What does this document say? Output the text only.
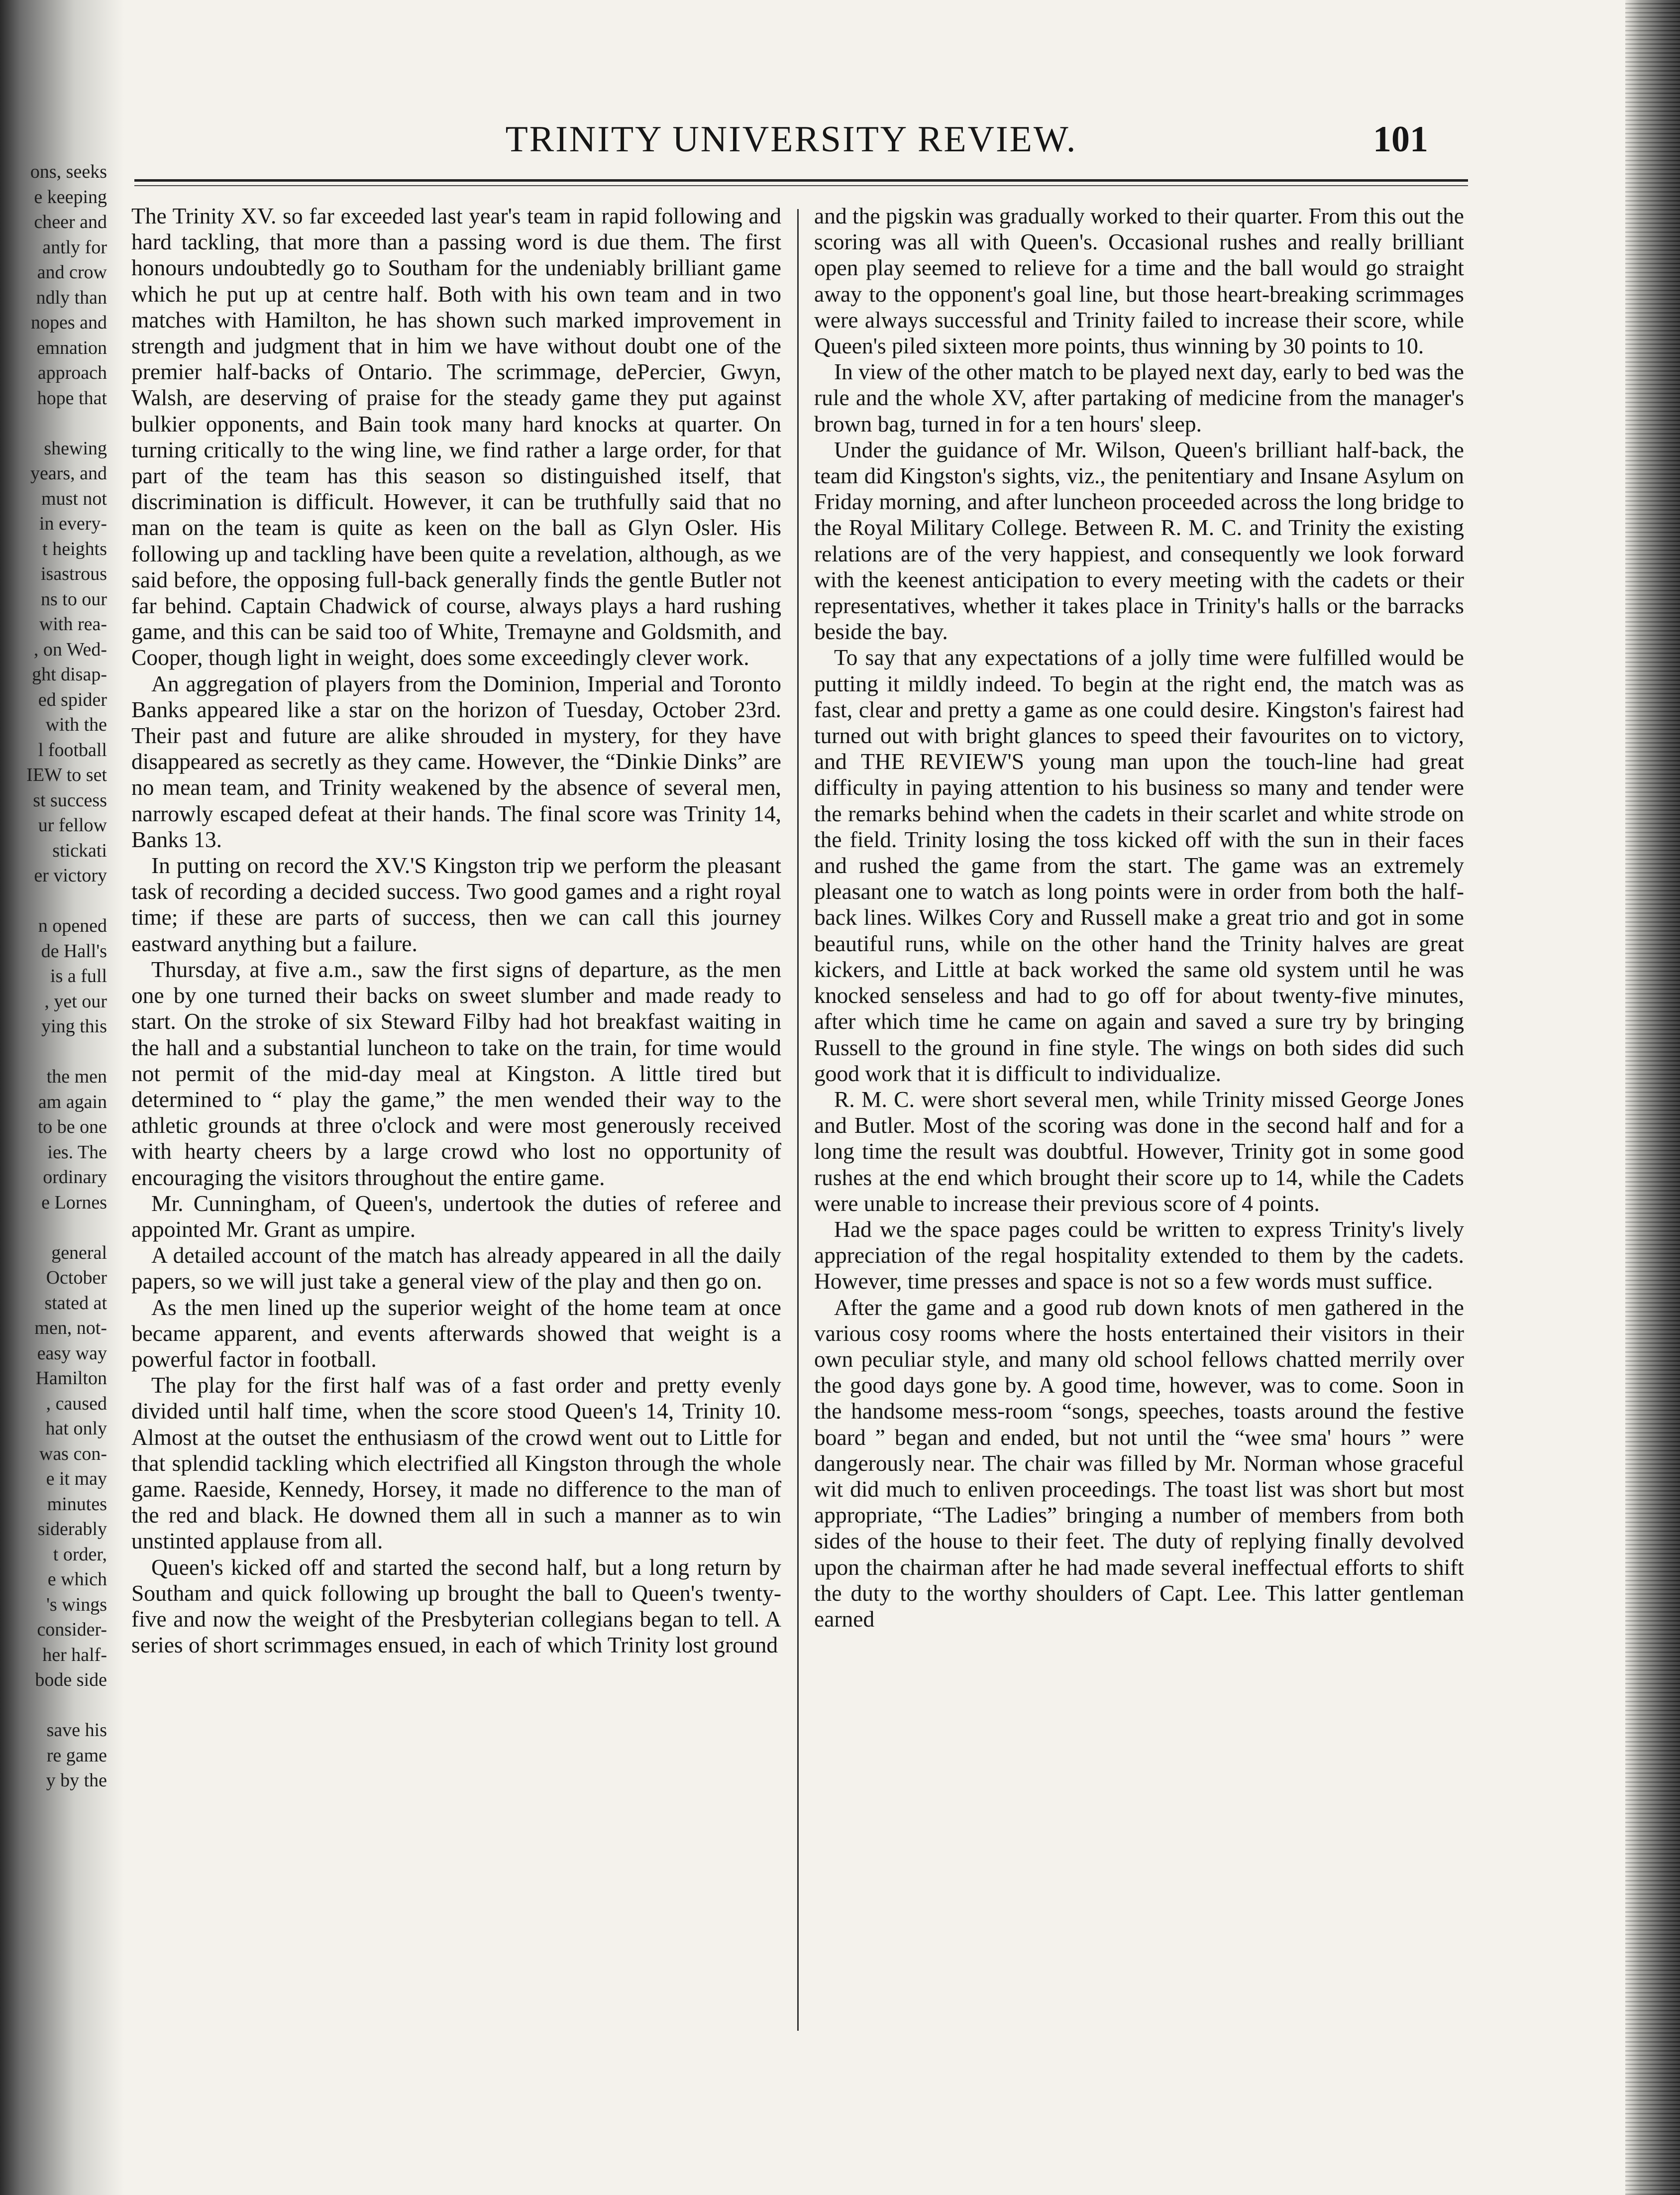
ons, seeks
e keeping
cheer and
antly for
and crow
ndly than
nopes and
emnation
approach
hope that
shewing
years, and
must not
in every-
t heights
isastrous
ns to our
with rea-
, on Wed-
ght disap-
ed spider
with the
l football
IEW to set
st success
ur fellow
stickati
er victory
n opened
de Hall's
is a full
, yet our
ying this
the men
am again
to be one
ies. The
ordinary
e Lornes
general
October
stated at
men, not-
easy way
Hamilton
, caused
hat only
was con-
e it may
minutes
siderably
t order,
e which
's wings
consider-
her half-
bode side
save his
re game
y by the
TRINITY UNIVERSITY REVIEW.	101

The Trinity XV. so far exceeded last year's team in rapid following and hard tackling, that more than a passing word is due them. The first honours undoubtedly go to Southam for the undeniably brilliant game which he put up at centre half. Both with his own team and in two matches with Hamilton, he has shown such marked improvement in strength and judgment that in him we have without doubt one of the premier half-backs of Ontario. The scrimmage, dePercier, Gwyn, Walsh, are deserving of praise for the steady game they put against bulkier opponents, and Bain took many hard knocks at quarter. On turning critically to the wing line, we find rather a large order, for that part of the team has this season so distinguished itself, that discrimination is difficult. However, it can be truthfully said that no man on the team is quite as keen on the ball as Glyn Osler. His following up and tackling have been quite a revelation, although, as we said before, the opposing full-back generally finds the gentle Butler not far behind. Captain Chadwick of course, always plays a hard rushing game, and this can be said too of White, Tremayne and Goldsmith, and Cooper, though light in weight, does some exceedingly clever work.

An aggregation of players from the Dominion, Imperial and Toronto Banks appeared like a star on the horizon of Tuesday, October 23rd. Their past and future are alike shrouded in mystery, for they have disappeared as secretly as they came. However, the “Dinkie Dinks” are no mean team, and Trinity weakened by the absence of several men, narrowly escaped defeat at their hands. The final score was Trinity 14, Banks 13.

In putting on record the XV.'S Kingston trip we perform the pleasant task of recording a decided success. Two good games and a right royal time; if these are parts of success, then we can call this journey eastward anything but a failure.

Thursday, at five a.m., saw the first signs of departure, as the men one by one turned their backs on sweet slumber and made ready to start. On the stroke of six Steward Filby had hot breakfast waiting in the hall and a substantial luncheon to take on the train, for time would not permit of the mid-day meal at Kingston. A little tired but determined to “ play the game,” the men wended their way to the athletic grounds at three o'clock and were most generously received with hearty cheers by a large crowd who lost no opportunity of encouraging the visitors throughout the entire game.

Mr. Cunningham, of Queen's, undertook the duties of referee and appointed Mr. Grant as umpire.

A detailed account of the match has already appeared in all the daily papers, so we will just take a general view of the play and then go on.

As the men lined up the superior weight of the home team at once became apparent, and events afterwards showed that weight is a powerful factor in football.

The play for the first half was of a fast order and pretty evenly divided until half time, when the score stood Queen's 14, Trinity 10. Almost at the outset the enthusiasm of the crowd went out to Little for that splendid tackling which electrified all Kingston through the whole game. Raeside, Kennedy, Horsey, it made no difference to the man of the red and black. He downed them all in such a manner as to win unstinted applause from all.

Queen's kicked off and started the second half, but a long return by Southam and quick following up brought the ball to Queen's twenty-five and now the weight of the Presbyterian collegians began to tell. A series of short scrimmages ensued, in each of which Trinity lost ground

and the pigskin was gradually worked to their quarter. From this out the scoring was all with Queen's. Occasional rushes and really brilliant open play seemed to relieve for a time and the ball would go straight away to the opponent's goal line, but those heart-breaking scrimmages were always successful and Trinity failed to increase their score, while Queen's piled sixteen more points, thus winning by 30 points to 10.

In view of the other match to be played next day, early to bed was the rule and the whole XV, after partaking of medicine from the manager's brown bag, turned in for a ten hours' sleep.

Under the guidance of Mr. Wilson, Queen's brilliant half-back, the team did Kingston's sights, viz., the penitentiary and Insane Asylum on Friday morning, and after luncheon proceeded across the long bridge to the Royal Military College. Between R. M. C. and Trinity the existing relations are of the very happiest, and consequently we look forward with the keenest anticipation to every meeting with the cadets or their representatives, whether it takes place in Trinity's halls or the barracks beside the bay.

To say that any expectations of a jolly time were fulfilled would be putting it mildly indeed. To begin at the right end, the match was as fast, clear and pretty a game as one could desire. Kingston's fairest had turned out with bright glances to speed their favourites on to victory, and THE REVIEW'S young man upon the touch-line had great difficulty in paying attention to his business so many and tender were the remarks behind when the cadets in their scarlet and white strode on the field. Trinity losing the toss kicked off with the sun in their faces and rushed the game from the start. The game was an extremely pleasant one to watch as long points were in order from both the half-back lines. Wilkes Cory and Russell make a great trio and got in some beautiful runs, while on the other hand the Trinity halves are great kickers, and Little at back worked the same old system until he was knocked senseless and had to go off for about twenty-five minutes, after which time he came on again and saved a sure try by bringing Russell to the ground in fine style. The wings on both sides did such good work that it is difficult to individualize.

R. M. C. were short several men, while Trinity missed George Jones and Butler. Most of the scoring was done in the second half and for a long time the result was doubtful. However, Trinity got in some good rushes at the end which brought their score up to 14, while the Cadets were unable to increase their previous score of 4 points.

Had we the space pages could be written to express Trinity's lively appreciation of the regal hospitality extended to them by the cadets. However, time presses and space is not so a few words must suffice.

After the game and a good rub down knots of men gathered in the various cosy rooms where the hosts entertained their visitors in their own peculiar style, and many old school fellows chatted merrily over the good days gone by. A good time, however, was to come. Soon in the handsome mess-room “songs, speeches, toasts around the festive board ” began and ended, but not until the “wee sma' hours ” were dangerously near. The chair was filled by Mr. Norman whose graceful wit did much to enliven proceedings. The toast list was short but most appropriate, “The Ladies” bringing a number of members from both sides of the house to their feet. The duty of replying finally devolved upon the chairman after he had made several ineffectual efforts to shift the duty to the worthy shoulders of Capt. Lee. This latter gentleman earned
